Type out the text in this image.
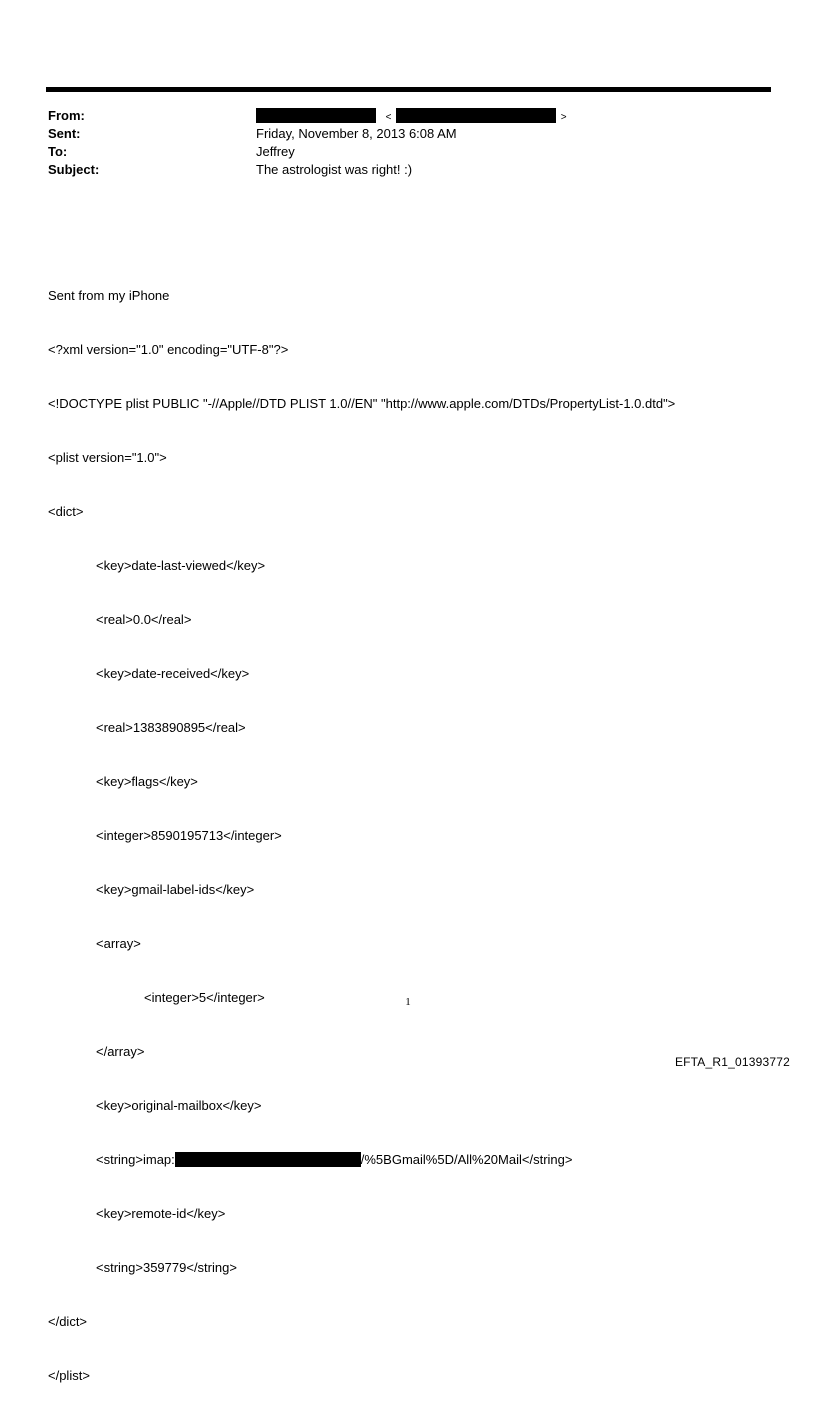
From:	<	>
Sent:	Friday, November 8, 2013 6:08 AM
To:	Jeffrey
Subject:	The astrologist was right! :)

Sent from my iPhone

<?xml version="1.0" encoding="UTF-8"?>

<!DOCTYPE plist PUBLIC "-//Apple//DTD PLIST 1.0//EN" "http://www.apple.com/DTDs/PropertyList-1.0.dtd">

<plist version="1.0">

<dict>

<key>date-last-viewed</key>

<real>0.0</real>

<key>date-received</key>

<real>1383890895</real>

<key>flags</key>

<integer>8590195713</integer>

<key>gmail-label-ids</key>

<array>

<integer>5</integer>

</array>

<key>original-mailbox</key>

<string>imap:	/%5BGmail%5D/All%20Mail</string>

<key>remote-id</key>

<string>359779</string>

</dict>

</plist>

1
EFTA_R1_01393772
